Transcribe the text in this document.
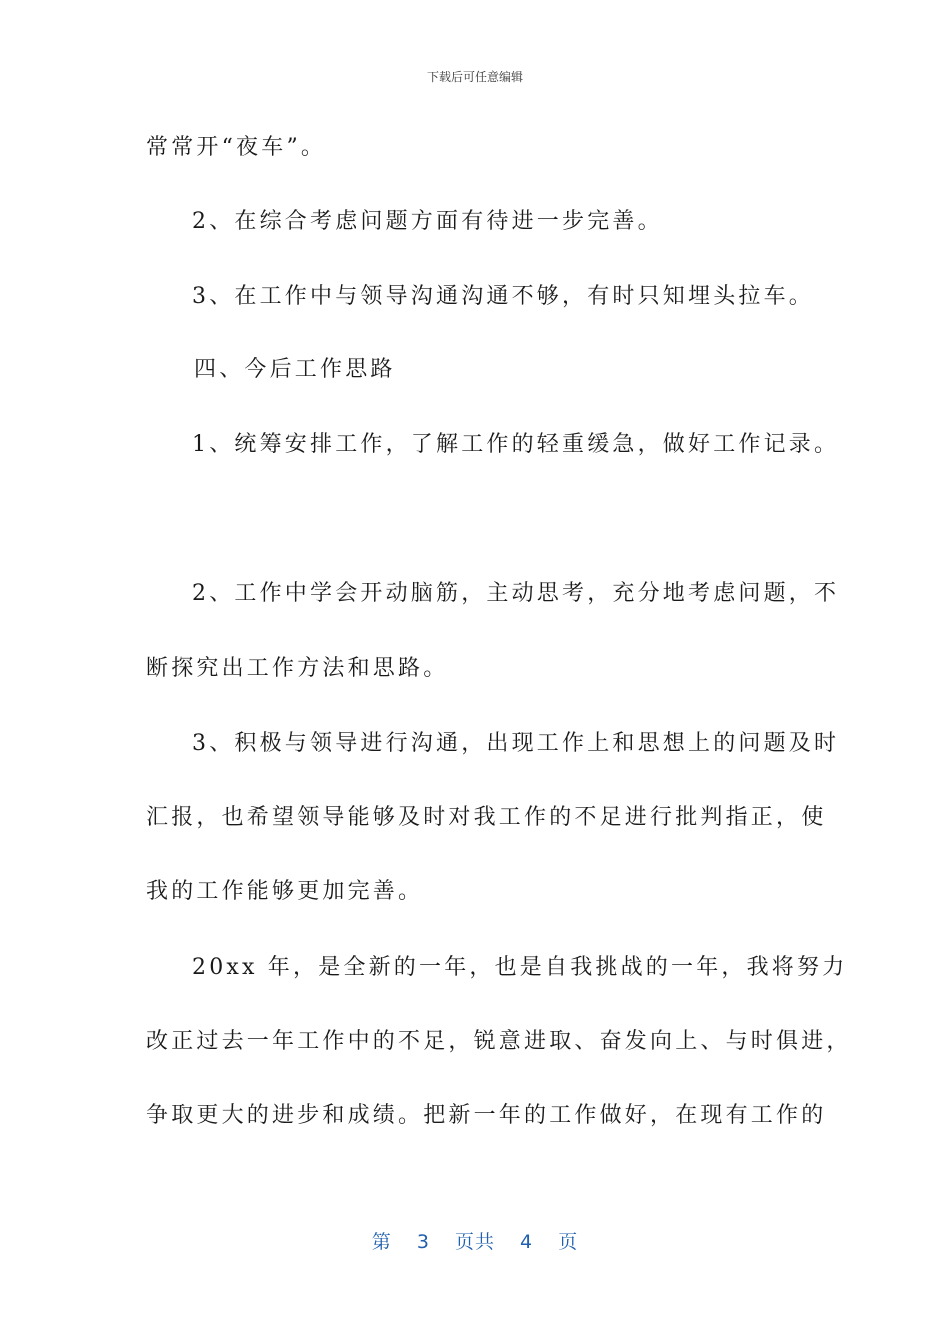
下载后可任意编辑
常常开“夜车”。
2、在综合考虑问题方面有待进一步完善。
3、在工作中与领导沟通沟通不够，有时只知埋头拉车。
四、今后工作思路
1、统筹安排工作，了解工作的轻重缓急，做好工作记录。
2、工作中学会开动脑筋，主动思考，充分地考虑问题，不
断探究出工作方法和思路。
3、积极与领导进行沟通，出现工作上和思想上的问题及时
汇报，也希望领导能够及时对我工作的不足进行批判指正，使
我的工作能够更加完善。
20xx 年，是全新的一年，也是自我挑战的一年，我将努力
改正过去一年工作中的不足，锐意进取、奋发向上、与时俱进，
争取更大的进步和成绩。把新一年的工作做好，在现有工作的
第 3 页共 4 页
